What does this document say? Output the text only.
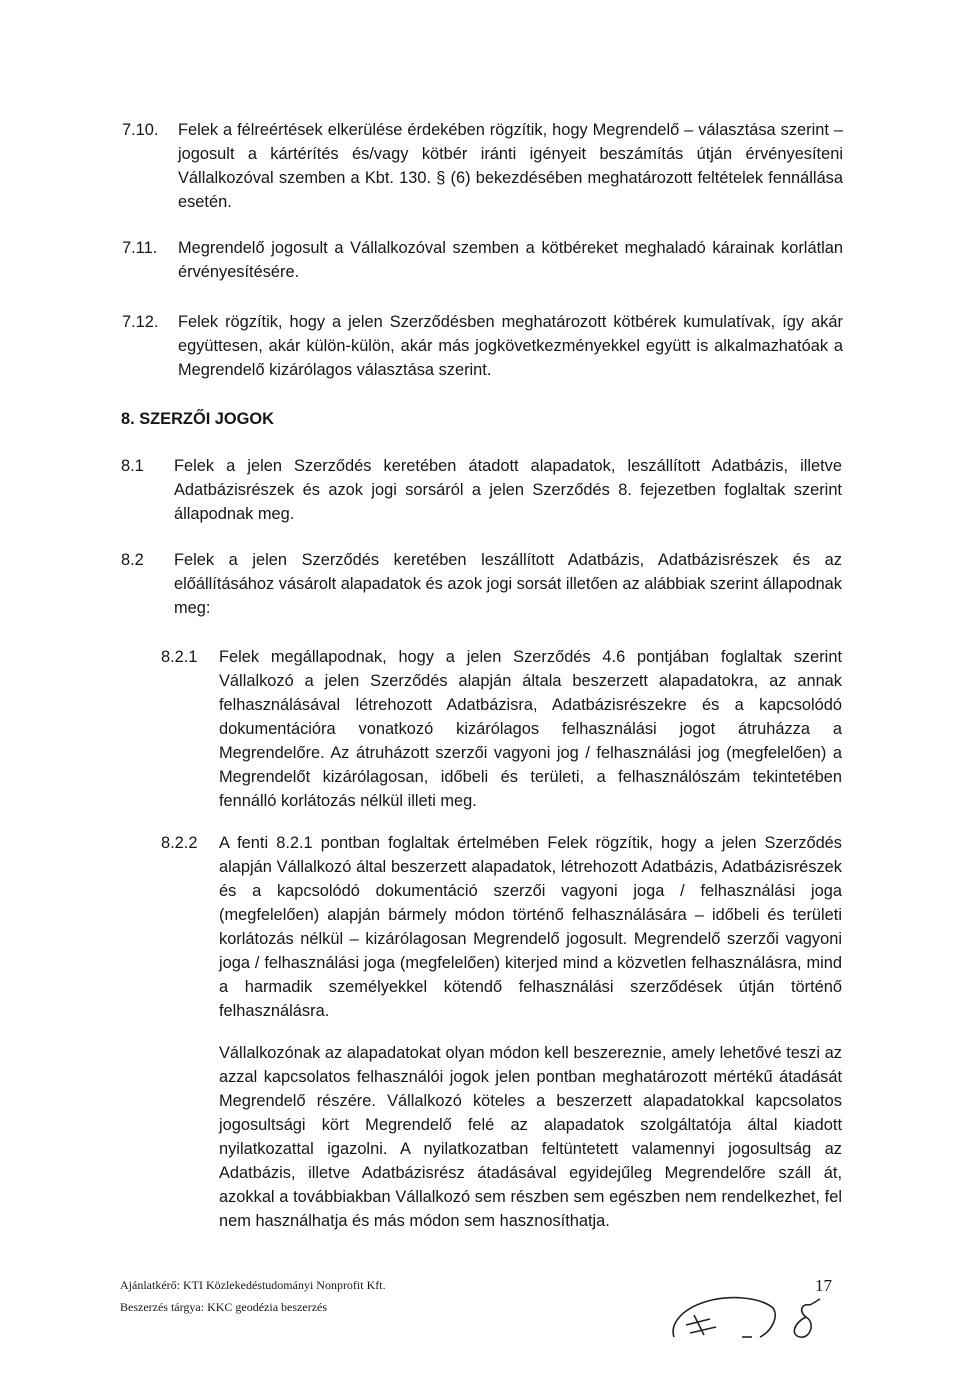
7.10. Felek a félreértések elkerülése érdekében rögzítik, hogy Megrendelő – választása szerint – jogosult a kártérítés és/vagy kötbér iránti igényeit beszámítás útján érvényesíteni Vállalkozóval szemben a Kbt. 130. § (6) bekezdésében meghatározott feltételek fennállása esetén.

7.11. Megrendelő jogosult a Vállalkozóval szemben a kötbéreket meghaladó kárainak korlátlan érvényesítésére.

7.12. Felek rögzítik, hogy a jelen Szerződésben meghatározott kötbérek kumulatívak, így akár együttesen, akár külön-külön, akár más jogkövetkezményekkel együtt is alkalmazhatóak a Megrendelő kizárólagos választása szerint.

8. SZERZŐI JOGOK
8.1 Felek a jelen Szerződés keretében átadott alapadatok, leszállított Adatbázis, illetve Adatbázisrészek és azok jogi sorsáról a jelen Szerződés 8. fejezetben foglaltak szerint állapodnak meg.

8.2 Felek a jelen Szerződés keretében leszállított Adatbázis, Adatbázisrészek és az előállításához vásárolt alapadatok és azok jogi sorsát illetően az alábbiak szerint állapodnak meg:

8.2.1 Felek megállapodnak, hogy a jelen Szerződés 4.6 pontjában foglaltak szerint Vállalkozó a jelen Szerződés alapján általa beszerzett alapadatokra, az annak felhasználásával létrehozott Adatbázisra, Adatbázisrészekre és a kapcsolódó dokumentációra vonatkozó kizárólagos felhasználási jogot átruházza a Megrendelőre. Az átruházott szerzői vagyoni jog / felhasználási jog (megfelelően) a Megrendelőt kizárólagosan, időbeli és területi, a felhasználószám tekintetében fennálló korlátozás nélkül illeti meg.

8.2.2 A fenti 8.2.1 pontban foglaltak értelmében Felek rögzítik, hogy a jelen Szerződés alapján Vállalkozó által beszerzett alapadatok, létrehozott Adatbázis, Adatbázisrészek és a kapcsolódó dokumentáció szerzői vagyoni joga / felhasználási joga (megfelelően) alapján bármely módon történő felhasználására – időbeli és területi korlátozás nélkül – kizárólagosan Megrendelő jogosult. Megrendelő szerzői vagyoni joga / felhasználási joga (megfelelően) kiterjed mind a közvetlen felhasználásra, mind a harmadik személyekkel kötendő felhasználási szerződések útján történő felhasználásra.

Vállalkozónak az alapadatokat olyan módon kell beszereznie, amely lehetővé teszi az azzal kapcsolatos felhasználói jogok jelen pontban meghatározott mértékű átadását Megrendelő részére. Vállalkozó köteles a beszerzett alapadatokkal kapcsolatos jogosultsági kört Megrendelő felé az alapadatok szolgáltatója által kiadott nyilatkozattal igazolni. A nyilatkozatban feltüntetett valamennyi jogosultság az Adatbázis, illetve Adatbázisrész átadásával egyidejűleg Megrendelőre száll át, azokkal a továbbiakban Vállalkozó sem részben sem egészben nem rendelkezhet, fel nem használhatja és más módon sem hasznosíthatja.

Ajánlatkérő: KTI Közlekedéstudományi Nonprofit Kft.
Beszerzés tárgya: KKC geodézia beszerzés
17
